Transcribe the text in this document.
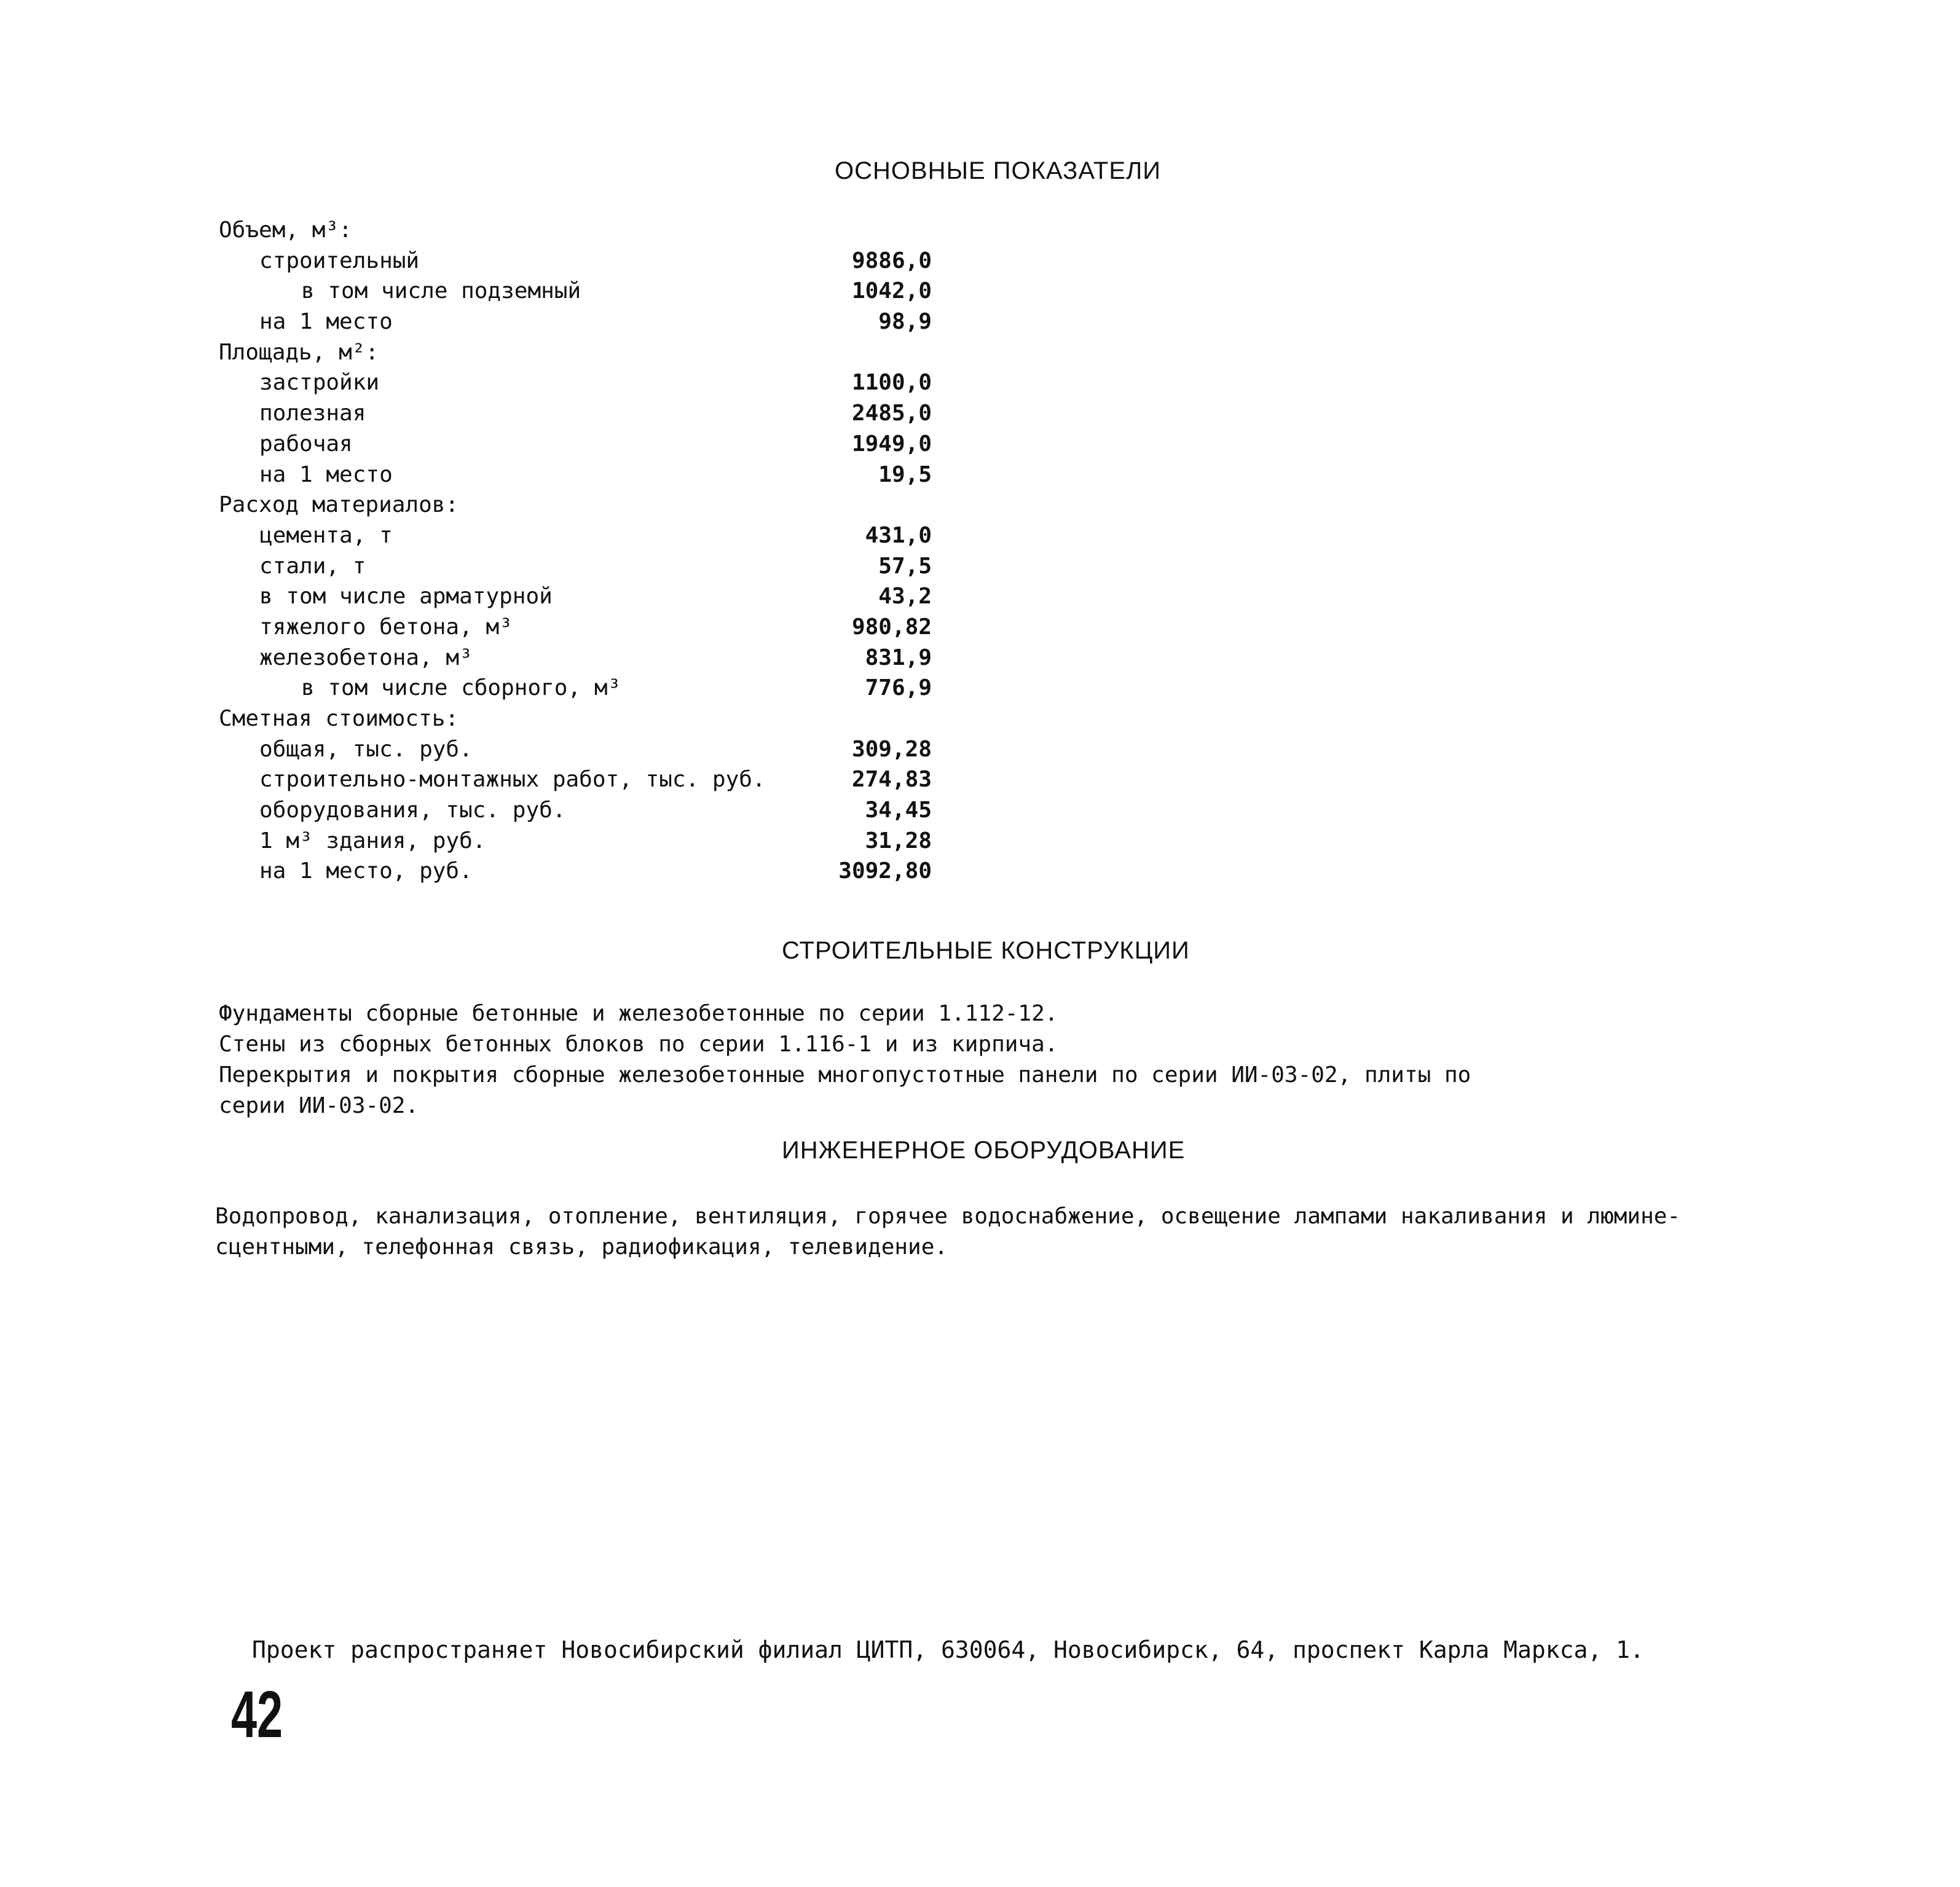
ОСНОВНЫЕ ПОКАЗАТЕЛИ
Объем, м³:
строительный	9886,0
в том числе подземный	1042,0
на 1 место	98,9
Площадь, м²:
застройки	1100,0
полезная	2485,0
рабочая	1949,0
на 1 место	19,5
Расход материалов:
цемента, т	431,0
стали, т	57,5
в том числе арматурной	43,2
тяжелого бетона, м³	980,82
железобетона, м³	831,9
в том числе сборного, м³	776,9
Сметная стоимость:
общая, тыс. руб.	309,28
строительно-монтажных работ, тыс. руб.	274,83
оборудования, тыс. руб.	34,45
1 м³ здания, руб.	31,28
на 1 место, руб.	3092,80
СТРОИТЕЛЬНЫЕ КОНСТРУКЦИИ
Фундаменты сборные бетонные и железобетонные по серии 1.112-12.
Стены из сборных бетонных блоков по серии 1.116-1 и из кирпича.
Перекрытия и покрытия сборные железобетонные многопустотные панели по серии ИИ-03-02, плиты по
серии ИИ-03-02.
ИНЖЕНЕРНОЕ ОБОРУДОВАНИЕ
Водопровод, канализация, отопление, вентиляция, горячее водоснабжение, освещение лампами накаливания и люмине-
сцентными, телефонная связь, радиофикация, телевидение.
Проект распространяет Новосибирский филиал ЦИТП, 630064, Новосибирск, 64, проспект Карла Маркса, 1.
42
